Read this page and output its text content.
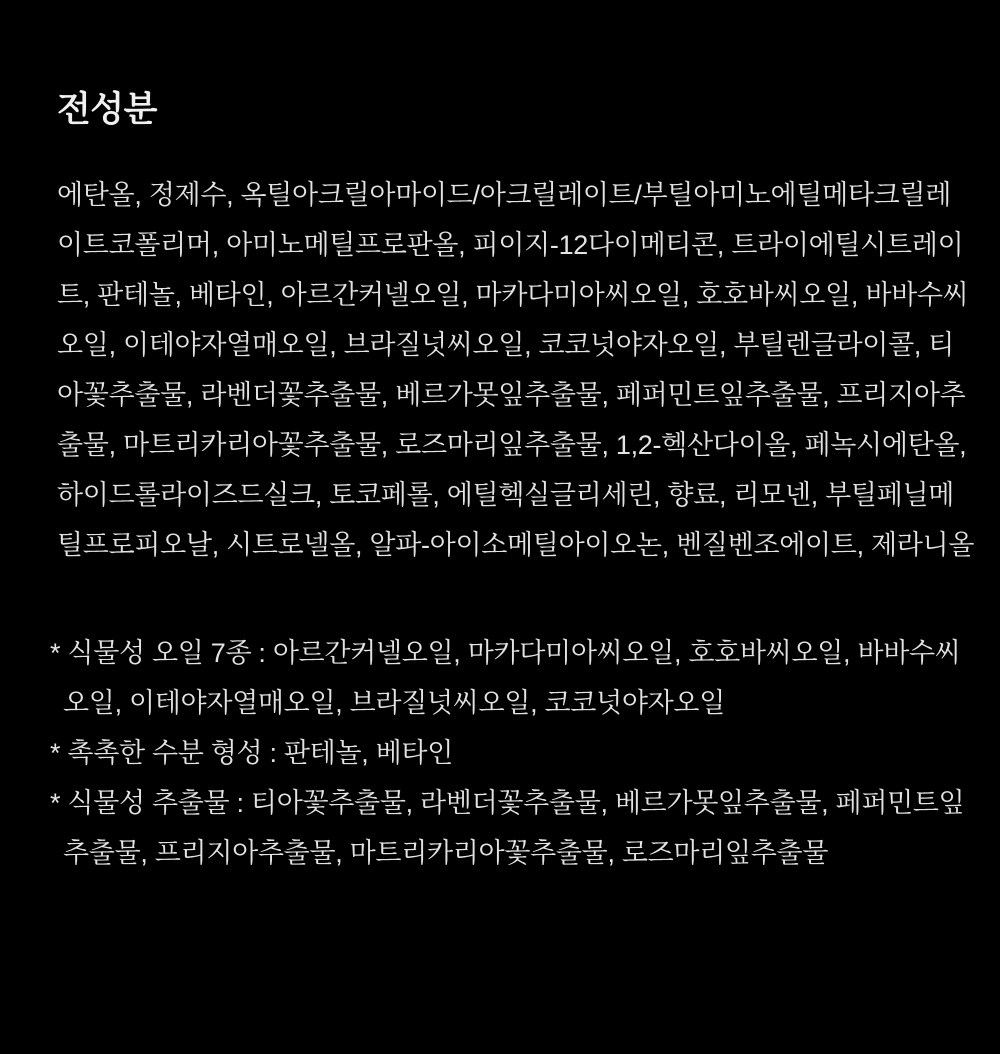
전성분
에탄올, 정제수, 옥틸아크릴아마이드/아크릴레이트/부틸아미노에틸메타크릴레
이트코폴리머, 아미노메틸프로판올, 피이지-12다이메티콘, 트라이에틸시트레이
트, 판테놀, 베타인, 아르간커넬오일, 마카다미아씨오일, 호호바씨오일, 바바수씨
오일, 이테야자열매오일, 브라질넛씨오일, 코코넛야자오일, 부틸렌글라이콜, 티
아꽃추출물, 라벤더꽃추출물, 베르가못잎추출물, 페퍼민트잎추출물, 프리지아추
출물, 마트리카리아꽃추출물, 로즈마리잎추출물, 1,2-헥산다이올, 페녹시에탄올,
하이드롤라이즈드실크, 토코페롤, 에틸헥실글리세린, 향료, 리모넨, 부틸페닐메
틸프로피오날, 시트로넬올, 알파-아이소메틸아이오논, 벤질벤조에이트, 제라니올
* 식물성 오일 7종 : 아르간커넬오일, 마카다미아씨오일, 호호바씨오일, 바바수씨
오일, 이테야자열매오일, 브라질넛씨오일, 코코넛야자오일
* 촉촉한 수분 형성 : 판테놀, 베타인
* 식물성 추출물 : 티아꽃추출물, 라벤더꽃추출물, 베르가못잎추출물, 페퍼민트잎
추출물, 프리지아추출물, 마트리카리아꽃추출물, 로즈마리잎추출물
